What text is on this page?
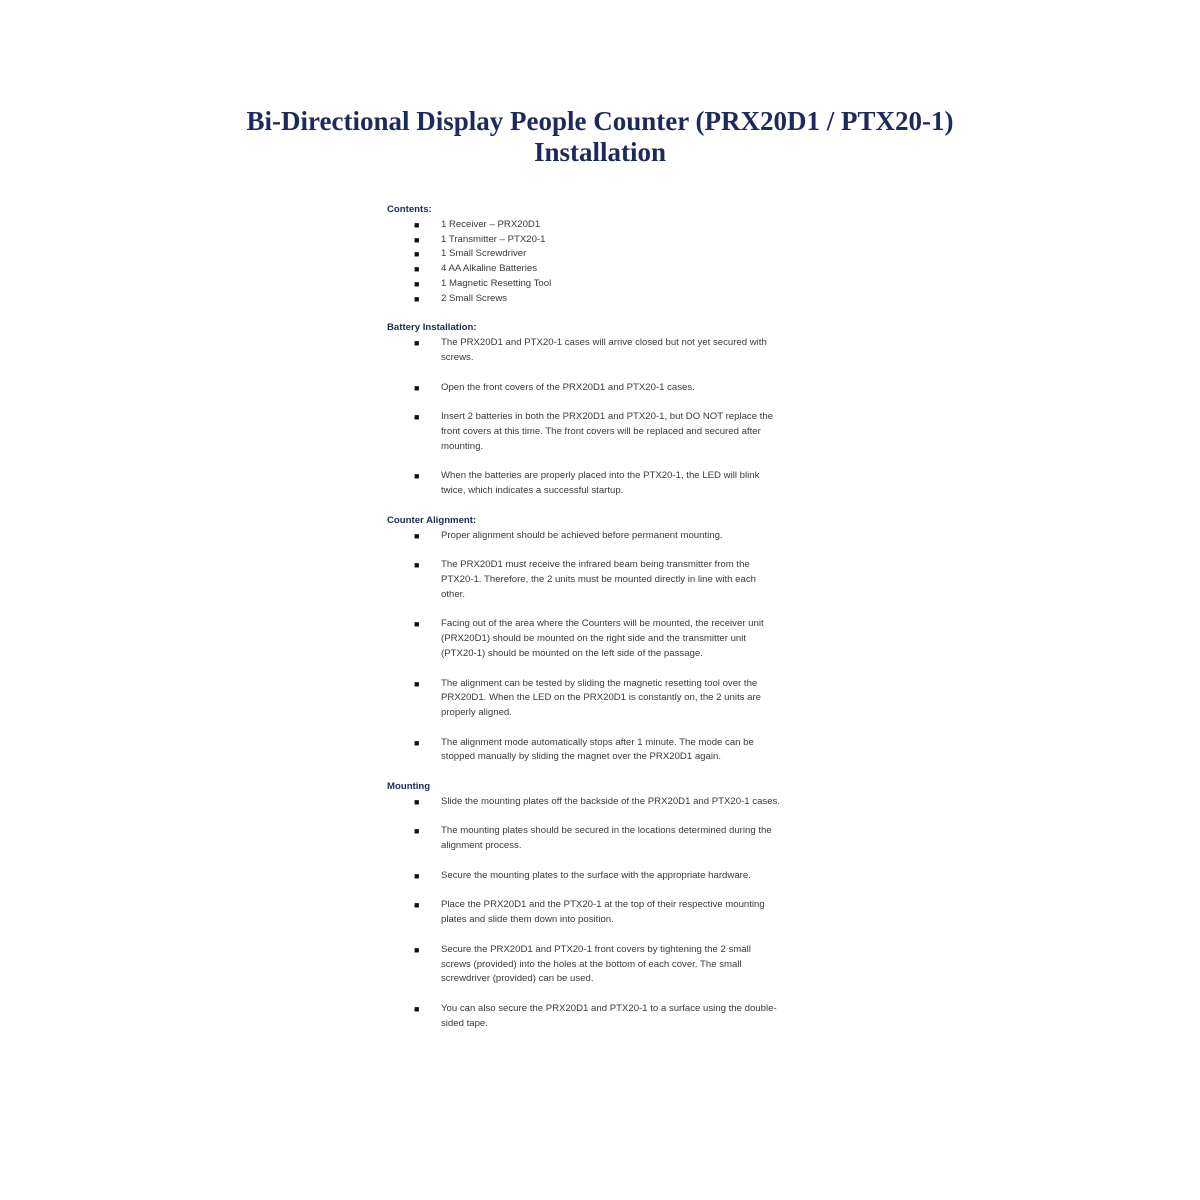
Bi-Directional Display People Counter (PRX20D1 / PTX20-1)
Installation
Contents:
■ 1 Receiver – PRX20D1
■ 1 Transmitter – PTX20-1
■ 1 Small Screwdriver
■ 4 AA Alkaline Batteries
■ 1 Magnetic Resetting Tool
■ 2 Small Screws
Battery Installation:
■ The PRX20D1 and PTX20-1 cases will arrive closed but not yet secured with
screws.
■ Open the front covers of the PRX20D1 and PTX20-1 cases.
■ Insert 2 batteries in both the PRX20D1 and PTX20-1, but DO NOT replace the
front covers at this time. The front covers will be replaced and secured after
mounting.
■ When the batteries are properly placed into the PTX20-1, the LED will blink
twice, which indicates a successful startup.
Counter Alignment:
■ Proper alignment should be achieved before permanent mounting.
■ The PRX20D1 must receive the infrared beam being transmitter from the
PTX20-1. Therefore, the 2 units must be mounted directly in line with each
other.
■ Facing out of the area where the Counters will be mounted, the receiver unit
(PRX20D1) should be mounted on the right side and the transmitter unit
(PTX20-1) should be mounted on the left side of the passage.
■ The alignment can be tested by sliding the magnetic resetting tool over the
PRX20D1. When the LED on the PRX20D1 is constantly on, the 2 units are
properly aligned.
■ The alignment mode automatically stops after 1 minute. The mode can be
stopped manually by sliding the magnet over the PRX20D1 again.
Mounting
■ Slide the mounting plates off the backside of the PRX20D1 and PTX20-1 cases.
■ The mounting plates should be secured in the locations determined during the
alignment process.
■ Secure the mounting plates to the surface with the appropriate hardware.
■ Place the PRX20D1 and the PTX20-1 at the top of their respective mounting
plates and slide them down into position.
■ Secure the PRX20D1 and PTX20-1 front covers by tightening the 2 small
screws (provided) into the holes at the bottom of each cover. The small
screwdriver (provided) can be used.
■ You can also secure the PRX20D1 and PTX20-1 to a surface using the double-
sided tape.
